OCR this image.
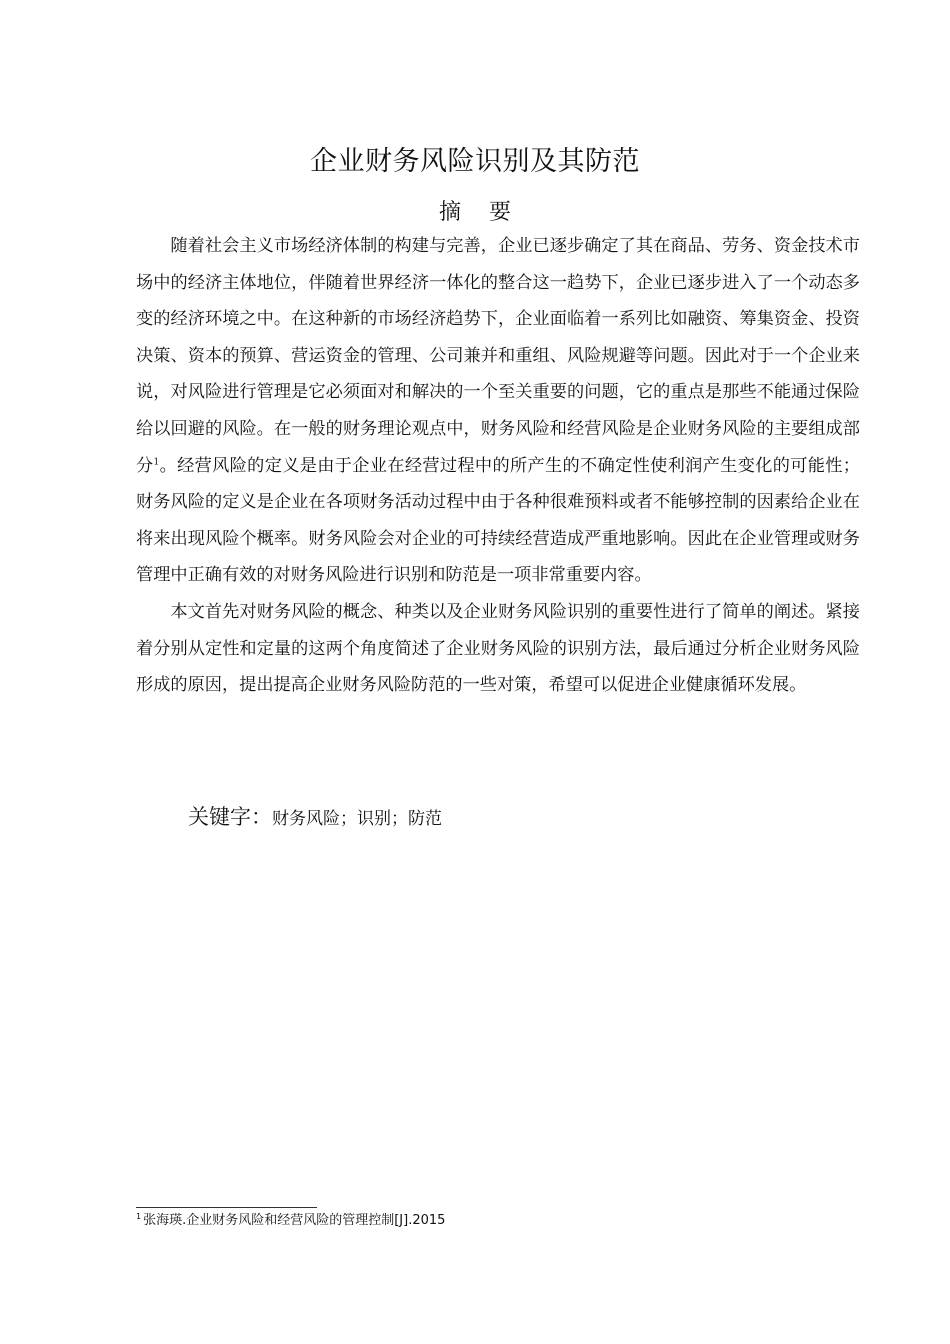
企业财务风险识别及其防范
摘要

随着社会主义市场经济体制的构建与完善，企业已逐步确定了其在商品、劳务、资金技术市场中的经济主体地位，伴随着世界经济一体化的整合这一趋势下，企业已逐步进入了一个动态多变的经济环境之中。在这种新的市场经济趋势下，企业面临着一系列比如融资、筹集资金、投资决策、资本的预算、营运资金的管理、公司兼并和重组、风险规避等问题。因此对于一个企业来说，对风险进行管理是它必须面对和解决的一个至关重要的问题，它的重点是那些不能通过保险给以回避的风险。在一般的财务理论观点中，财务风险和经营风险是企业财务风险的主要组成部分$^1$。经营风险的定义是由于企业在经营过程中的所产生的不确定性使利润产生变化的可能性；财务风险的定义是企业在各项财务活动过程中由于各种很难预料或者不能够控制的因素给企业在将来出现风险个概率。财务风险会对企业的可持续经营造成严重地影响。因此在企业管理或财务管理中正确有效的对财务风险进行识别和防范是一项非常重要内容。

本文首先对财务风险的概念、种类以及企业财务风险识别的重要性进行了简单的阐述。紧接着分别从定性和定量的这两个角度简述了企业财务风险的识别方法，最后通过分析企业财务风险形成的原因，提出提高企业财务风险防范的一些对策，希望可以促进企业健康循环发展。

关键字：财务风险；识别；防范
$^1$ 张海瑛.企业财务风险和经营风险的管理控制[J].2015
